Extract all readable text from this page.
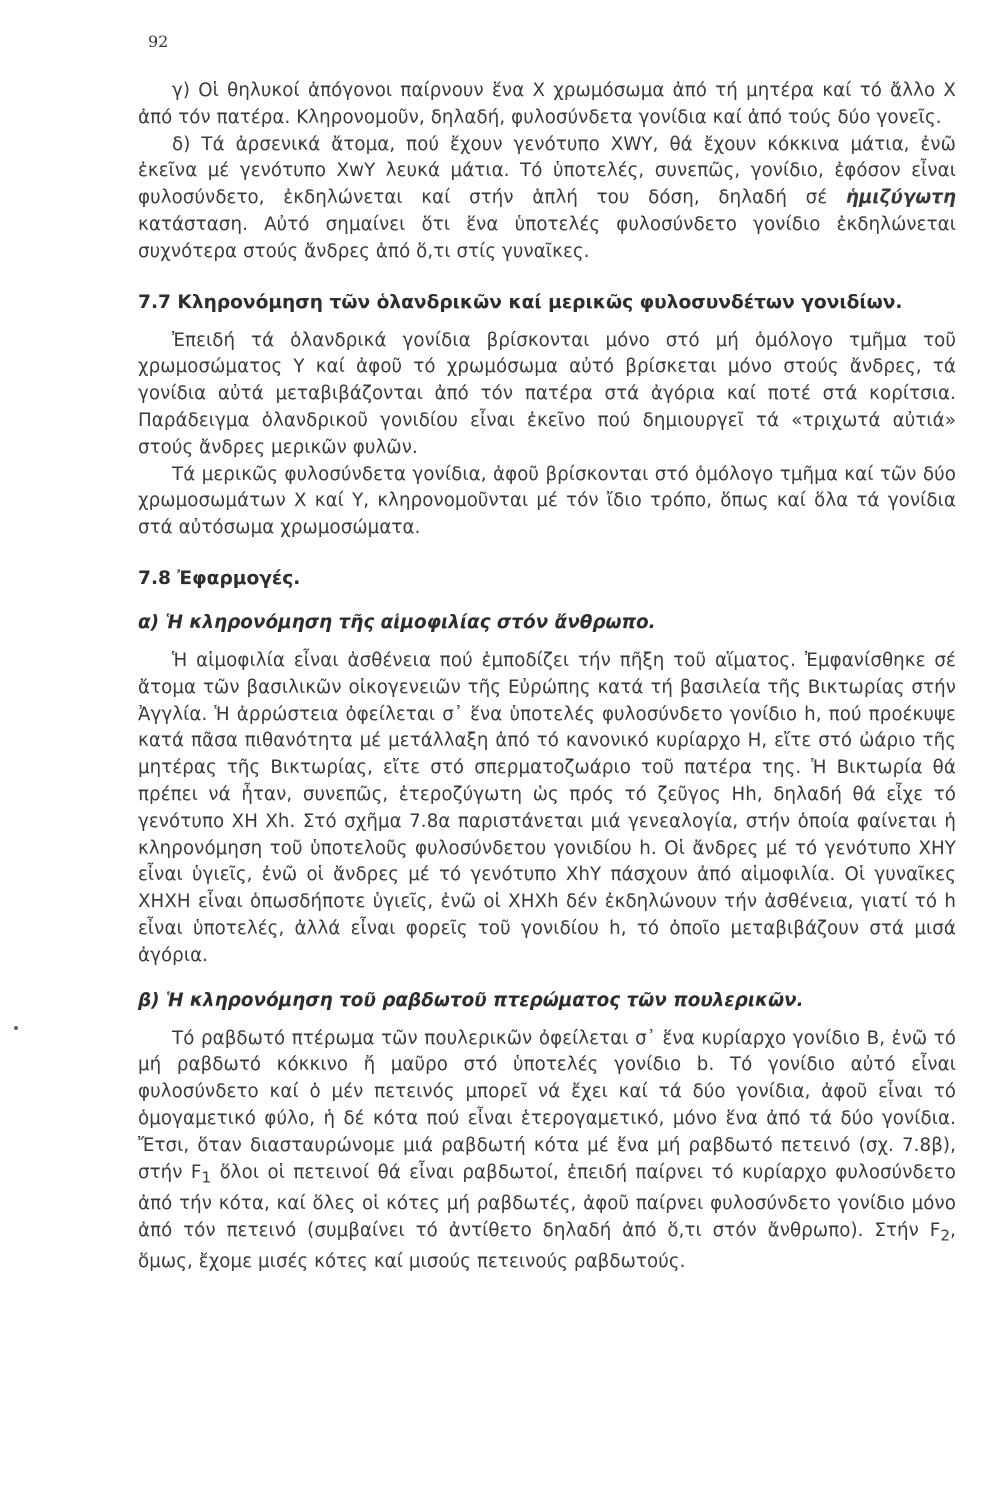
92

γ) Οἱ θηλυκοί ἀπόγονοι παίρνουν ἕνα Χ χρωμόσωμα ἀπό τή μητέρα καί τό ἄλλο Χ ἀπό τόν πατέρα. Κληρονομοῦν, δηλαδή, φυλοσύνδετα γονίδια καί ἀπό τούς δύο γονεῖς.

δ) Τά ἀρσενικά ἄτομα, πού ἔχουν γενότυπο XWY, θά ἔχουν κόκκινα μάτια, ἐνῶ ἐκεῖνα μέ γενότυπο XwY λευκά μάτια. Τό ὑποτελές, συνεπῶς, γονίδιο, ἐφόσον εἶναι φυλοσύνδετο, ἐκδηλώνεται καί στήν ἁπλή του δόση, δηλαδή σέ ἡμιζύγωτη κατάσταση. Αὐτό σημαίνει ὅτι ἕνα ὑποτελές φυλοσύνδετο γονίδιο ἐκδηλώνεται συχνότερα στούς ἄνδρες ἀπό ὅ,τι στίς γυναῖκες.

7.7 Κληρονόμηση τῶν ὁλανδρικῶν καί μερικῶς φυλοσυνδέτων γονιδίων.

Ἐπειδή τά ὁλανδρικά γονίδια βρίσκονται μόνο στό μή ὁμόλογο τμῆμα τοῦ χρωμοσώματος Υ καί ἀφοῦ τό χρωμόσωμα αὐτό βρίσκεται μόνο στούς ἄνδρες, τά γονίδια αὐτά μεταβιβάζονται ἀπό τόν πατέρα στά ἀγόρια καί ποτέ στά κορίτσια. Παράδειγμα ὁλανδρικοῦ γονιδίου εἶναι ἐκεῖνο πού δημιουργεῖ τά «τριχωτά αὐτιά» στούς ἄνδρες μερικῶν φυλῶν.

Τά μερικῶς φυλοσύνδετα γονίδια, ἀφοῦ βρίσκονται στό ὁμόλογο τμῆμα καί τῶν δύο χρωμοσωμάτων Χ καί Υ, κληρονομοῦνται μέ τόν ἴδιο τρόπο, ὅπως καί ὅλα τά γονίδια στά αὐτόσωμα χρωμοσώματα.

7.8 Ἐφαρμογές.
α) Ἡ κληρονόμηση τῆς αἱμοφιλίας στόν ἄνθρωπο.

Ἡ αἱμοφιλία εἶναι ἀσθένεια πού ἐμποδίζει τήν πῆξη τοῦ αἵματος. Ἐμφανίσθηκε σέ ἄτομα τῶν βασιλικῶν οἰκογενειῶν τῆς Εὐρώπης κατά τή βασιλεία τῆς Βικτωρίας στήν Ἀγγλία. Ἡ ἀρρώστεια ὀφείλεται σ᾽ ἕνα ὑποτελές φυλοσύνδετο γονίδιο h, πού προέκυψε κατά πᾶσα πιθανότητα μέ μετάλλαξη ἀπό τό κανονικό κυρίαρχο Η, εἴτε στό ὠάριο τῆς μητέρας τῆς Βικτωρίας, εἴτε στό σπερματοζωάριο τοῦ πατέρα της. Ἡ Βικτωρία θά πρέπει νά ἦταν, συνεπῶς, ἑτεροζύγωτη ὡς πρός τό ζεῦγος Ηh, δηλαδή θά εἶχε τό γενότυπο ΧΗ Χh. Στό σχῆμα 7.8α παριστάνεται μιά γενεαλογία, στήν ὁποία φαίνεται ἡ κληρονόμηση τοῦ ὑποτελοῦς φυλοσύνδετου γονιδίου h. Οἱ ἄνδρες μέ τό γενότυπο ΧΗΥ εἶναι ὑγιεῖς, ἐνῶ οἱ ἄνδρες μέ τό γενότυπο ΧhΥ πάσχουν ἀπό αἱμοφιλία. Οἱ γυναῖκες ΧΗΧΗ εἶναι ὁπωσδήποτε ὑγιεῖς, ἐνῶ οἱ ΧΗΧh δέν ἐκδηλώνουν τήν ἀσθένεια, γιατί τό h εἶναι ὑποτελές, ἀλλά εἶναι φορεῖς τοῦ γονιδίου h, τό ὁποῖο μεταβιβάζουν στά μισά ἀγόρια.

β) Ἡ κληρονόμηση τοῦ ραβδωτοῦ πτερώματος τῶν πουλερικῶν.

Τό ραβδωτό πτέρωμα τῶν πουλερικῶν ὀφείλεται σ᾽ ἕνα κυρίαρχο γονίδιο Β, ἐνῶ τό μή ραβδωτό κόκκινο ἤ μαῦρο στό ὑποτελές γονίδιο b. Τό γονίδιο αὐτό εἶναι φυλοσύνδετο καί ὁ μέν πετεινός μπορεῖ νά ἔχει καί τά δύο γονίδια, ἀφοῦ εἶναι τό ὁμογαμετικό φύλο, ἡ δέ κότα πού εἶναι ἑτερογαμετικό, μόνο ἕνα ἀπό τά δύο γονίδια. Ἔτσι, ὅταν διασταυρώνομε μιά ραβδωτή κότα μέ ἕνα μή ραβδωτό πετεινό (σχ. 7.8β), στήν $F_1$ ὅλοι οἱ πετεινοί θά εἶναι ραβδωτοί, ἐπειδή παίρνει τό κυρίαρχο φυλοσύνδετο ἀπό τήν κότα, καί ὅλες οἱ κότες μή ραβδωτές, ἀφοῦ παίρνει φυλοσύνδετο γονίδιο μόνο ἀπό τόν πετεινό (συμβαίνει τό ἀντίθετο δηλαδή ἀπό ὅ,τι στόν ἄνθρωπο). Στήν $F_2$, ὅμως, ἔχομε μισές κότες καί μισούς πετεινούς ραβδωτούς.
